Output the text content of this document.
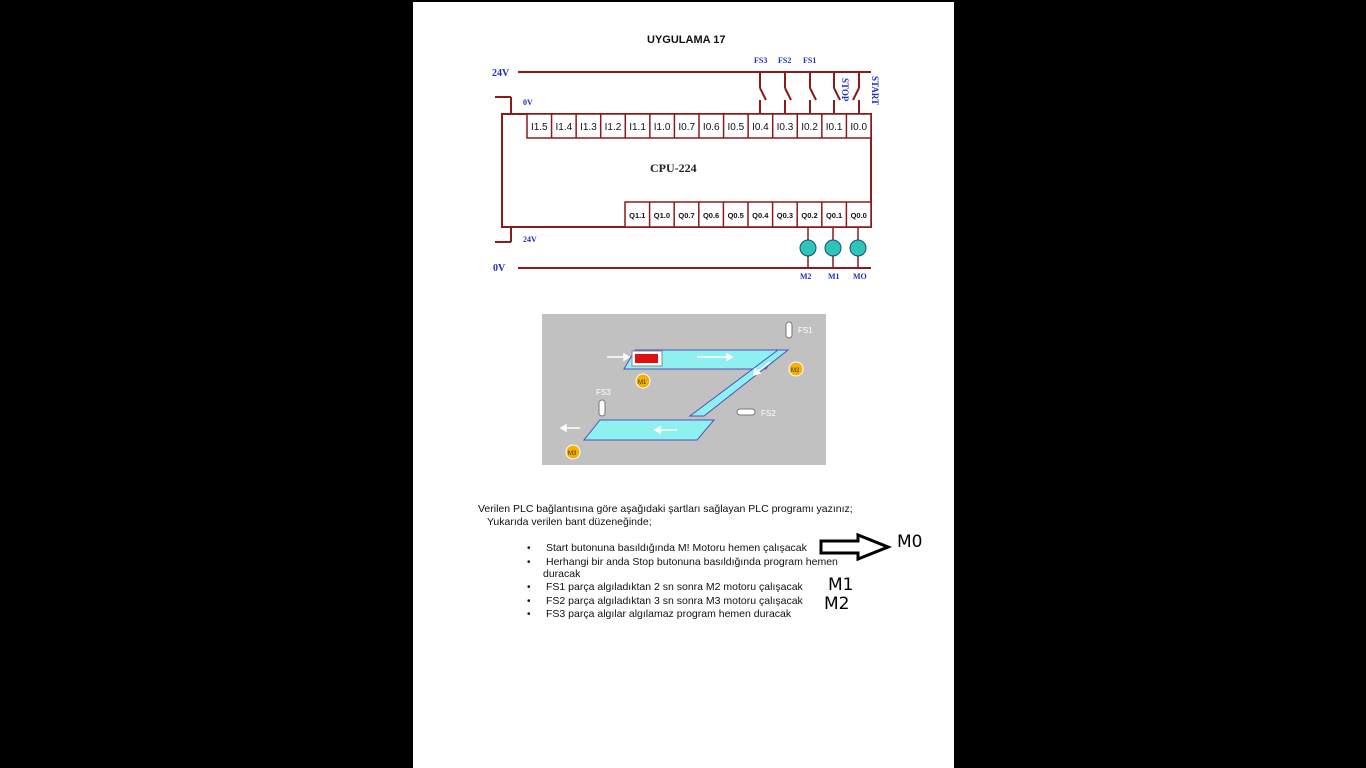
UYGULAMA 17
24V
FS3 FS2 FS1
STOP START
0V
24V
CPU-224
I1.5 I1.4 I1.3 I1.2 I1.1 I1.0 I0.7 I0.6 I0.5 I0.4 I0.3 I0.2 I0.1 I0.0
Q1.1 Q1.0 Q0.7 Q0.6 Q0.5 Q0.4 Q0.3 Q0.2 Q0.1 Q0.0
0V
M2 M1 MO
FS1
FS2
FS3
M1
M2
M3
Verilen PLC bağlantısına göre aşağıdaki şartları sağlayan PLC programı yazınız;
Yukarıda verilen bant düzeneğinde;
• Start butonuna basıldığında M! Motoru hemen çalışacak
• Herhangi bir anda Stop butonuna basıldığında program hemen
duracak
• FS1 parça algıladıktan 2 sn sonra M2 motoru çalışacak
• FS2 parça algıladıktan 3 sn sonra M3 motoru çalışacak
• FS3 parça algılar algılamaz program hemen duracak
M0
M1
M2
